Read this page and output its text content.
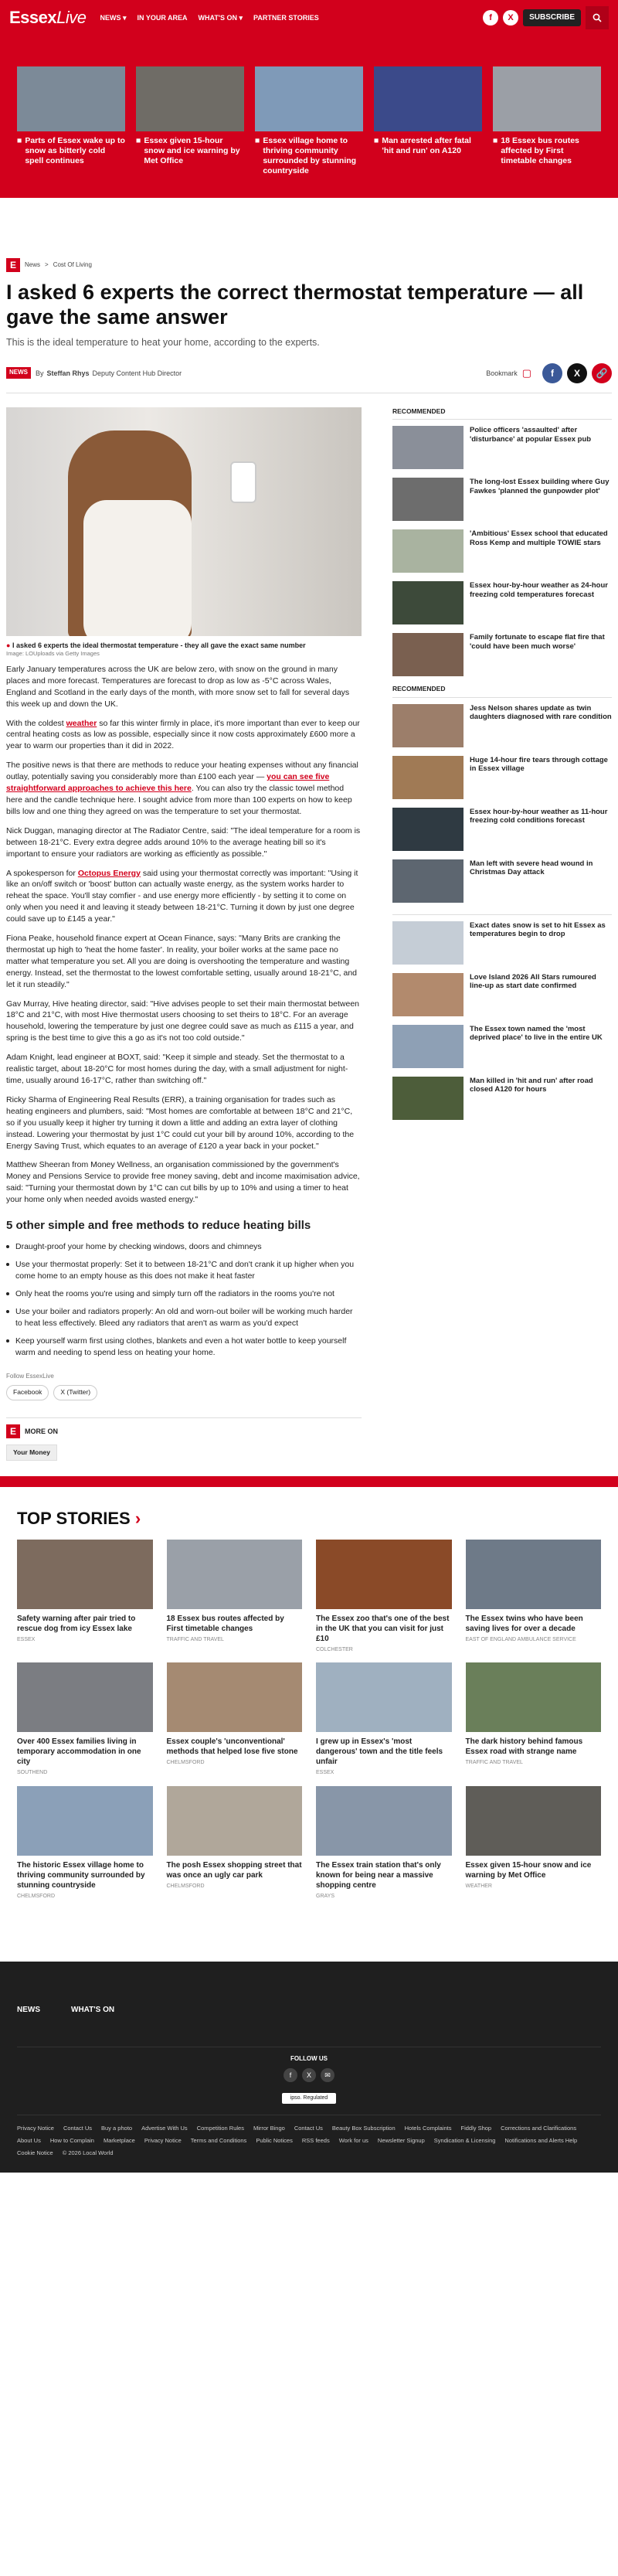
EssexLive NEWS ▾ IN YOUR AREA WHAT'S ON ▾ PARTNER STORIES	f	X	SUBSCRIBE
■ Parts of Essex wake up to snow as bitterly cold spell continues
■ Essex given 15-hour snow and ice warning by Met Office
■ Essex village home to thriving community surrounded by stunning countryside
■ Man arrested after fatal 'hit and run' on A120
■ 18 Essex bus routes affected by First timetable changes
E	News > Cost Of Living
I asked 6 experts the correct thermostat temperature — all gave the same answer
This is the ideal temperature to heat your home, according to the experts.
NEWS	By Steffan Rhys Deputy Content Hub Director	Bookmark ▢	f	X	🔗
● I asked 6 experts the ideal thermostat temperature - they all gave the exact same number
Image: LOUploads via Getty Images

Early January temperatures across the UK are below zero, with snow on the ground in many places and more forecast. Temperatures are forecast to drop as low as -5°C across Wales, England and Scotland in the early days of the month, with more snow set to fall for several days this week up and down the UK.

With the coldest weather so far this winter firmly in place, it's more important than ever to keep our central heating costs as low as possible, especially since it now costs approximately £600 more a year to warm our properties than it did in 2022.

The positive news is that there are methods to reduce your heating expenses without any financial outlay, potentially saving you considerably more than £100 each year — you can see five straightforward approaches to achieve this here. You can also try the classic towel method here and the candle technique here. I sought advice from more than 100 experts on how to keep bills low and one thing they agreed on was the temperature to set your thermostat.

Nick Duggan, managing director at The Radiator Centre, said: "The ideal temperature for a room is between 18-21°C. Every extra degree adds around 10% to the average heating bill so it's important to ensure your radiators are working as efficiently as possible."

A spokesperson for Octopus Energy said using your thermostat correctly was important: "Using it like an on/off switch or 'boost' button can actually waste energy, as the system works harder to reheat the space. You'll stay comfier - and use energy more efficiently - by setting it to come on only when you need it and leaving it steady between 18-21°C. Turning it down by just one degree could save up to £145 a year."

Fiona Peake, household finance expert at Ocean Finance, says: "Many Brits are cranking the thermostat up high to 'heat the home faster'. In reality, your boiler works at the same pace no matter what temperature you set. All you are doing is overshooting the temperature and wasting energy. Instead, set the thermostat to the lowest comfortable setting, usually around 18-21°C, and let it run steadily."

Gav Murray, Hive heating director, said: "Hive advises people to set their main thermostat between 18°C and 21°C, with most Hive thermostat users choosing to set theirs to 18°C. For an average household, lowering the temperature by just one degree could save as much as £115 a year, and spring is the best time to give this a go as it's not too cold outside."

Adam Knight, lead engineer at BOXT, said: "Keep it simple and steady. Set the thermostat to a realistic target, about 18-20°C for most homes during the day, with a small adjustment for night-time, usually around 16-17°C, rather than switching off."

Ricky Sharma of Engineering Real Results (ERR), a training organisation for trades such as heating engineers and plumbers, said: "Most homes are comfortable at between 18°C and 21°C, so if you usually keep it higher try turning it down a little and adding an extra layer of clothing instead. Lowering your thermostat by just 1°C could cut your bill by around 10%, according to the Energy Saving Trust, which equates to an average of £120 a year back in your pocket."

Matthew Sheeran from Money Wellness, an organisation commissioned by the government's Money and Pensions Service to provide free money saving, debt and income maximisation advice, said: "Turning your thermostat down by 1°C can cut bills by up to 10% and using a timer to heat your home only when needed avoids wasted energy."

5 other simple and free methods to reduce heating bills
Draught-proof your home by checking windows, doors and chimneys
Use your thermostat properly: Set it to between 18-21°C and don't crank it up higher when you come home to an empty house as this does not make it heat faster
Only heat the rooms you're using and simply turn off the radiators in the rooms you're not
Use your boiler and radiators properly: An old and worn-out boiler will be working much harder to heat less effectively. Bleed any radiators that aren't as warm as you'd expect
Keep yourself warm first using clothes, blankets and even a hot water bottle to keep yourself warm and needing to spend less on heating your home.
Follow EssexLive
Facebook	X (Twitter)
E	MORE ON
Your Money
RECOMMENDED
Police officers 'assaulted' after 'disturbance' at popular Essex pub
The long-lost Essex building where Guy Fawkes 'planned the gunpowder plot'
'Ambitious' Essex school that educated Ross Kemp and multiple TOWIE stars
Essex hour-by-hour weather as 24-hour freezing cold temperatures forecast
Family fortunate to escape flat fire that 'could have been much worse'
RECOMMENDED
Jess Nelson shares update as twin daughters diagnosed with rare condition
Huge 14-hour fire tears through cottage in Essex village
Essex hour-by-hour weather as 11-hour freezing cold conditions forecast
Man left with severe head wound in Christmas Day attack
Exact dates snow is set to hit Essex as temperatures begin to drop
Love Island 2026 All Stars rumoured line-up as start date confirmed
The Essex town named the 'most deprived place' to live in the entire UK
Man killed in 'hit and run' after road closed A120 for hours
TOP STORIES ›
Safety warning after pair tried to rescue dog from icy Essex lake
ESSEX
18 Essex bus routes affected by First timetable changes
TRAFFIC AND TRAVEL
The Essex zoo that's one of the best in the UK that you can visit for just £10
COLCHESTER
The Essex twins who have been saving lives for over a decade
EAST OF ENGLAND AMBULANCE SERVICE
Over 400 Essex families living in temporary accommodation in one city
SOUTHEND
Essex couple's 'unconventional' methods that helped lose five stone
CHELMSFORD
I grew up in Essex's 'most dangerous' town and the title feels unfair
ESSEX
The dark history behind famous Essex road with strange name
TRAFFIC AND TRAVEL
The historic Essex village home to thriving community surrounded by stunning countryside
CHELMSFORD
The posh Essex shopping street that was once an ugly car park
CHELMSFORD
The Essex train station that's only known for being near a massive shopping centre
GRAYS
Essex given 15-hour snow and ice warning by Met Office
WEATHER
NEWS	WHAT'S ON
FOLLOW US
f	X	✉
ipso. Regulated
Privacy Notice Contact Us Buy a photo Advertise With Us Competition Rules Mirror Bingo Contact Us Beauty Box Subscription Hotels Complaints Fiddly Shop Corrections and Clarifications
About Us How to Complain Marketplace Privacy Notice Terms and Conditions Public Notices RSS feeds Work for us Newsletter Signup Syndication & Licensing Notifications and Alerts Help
Cookie Notice © 2026 Local World
